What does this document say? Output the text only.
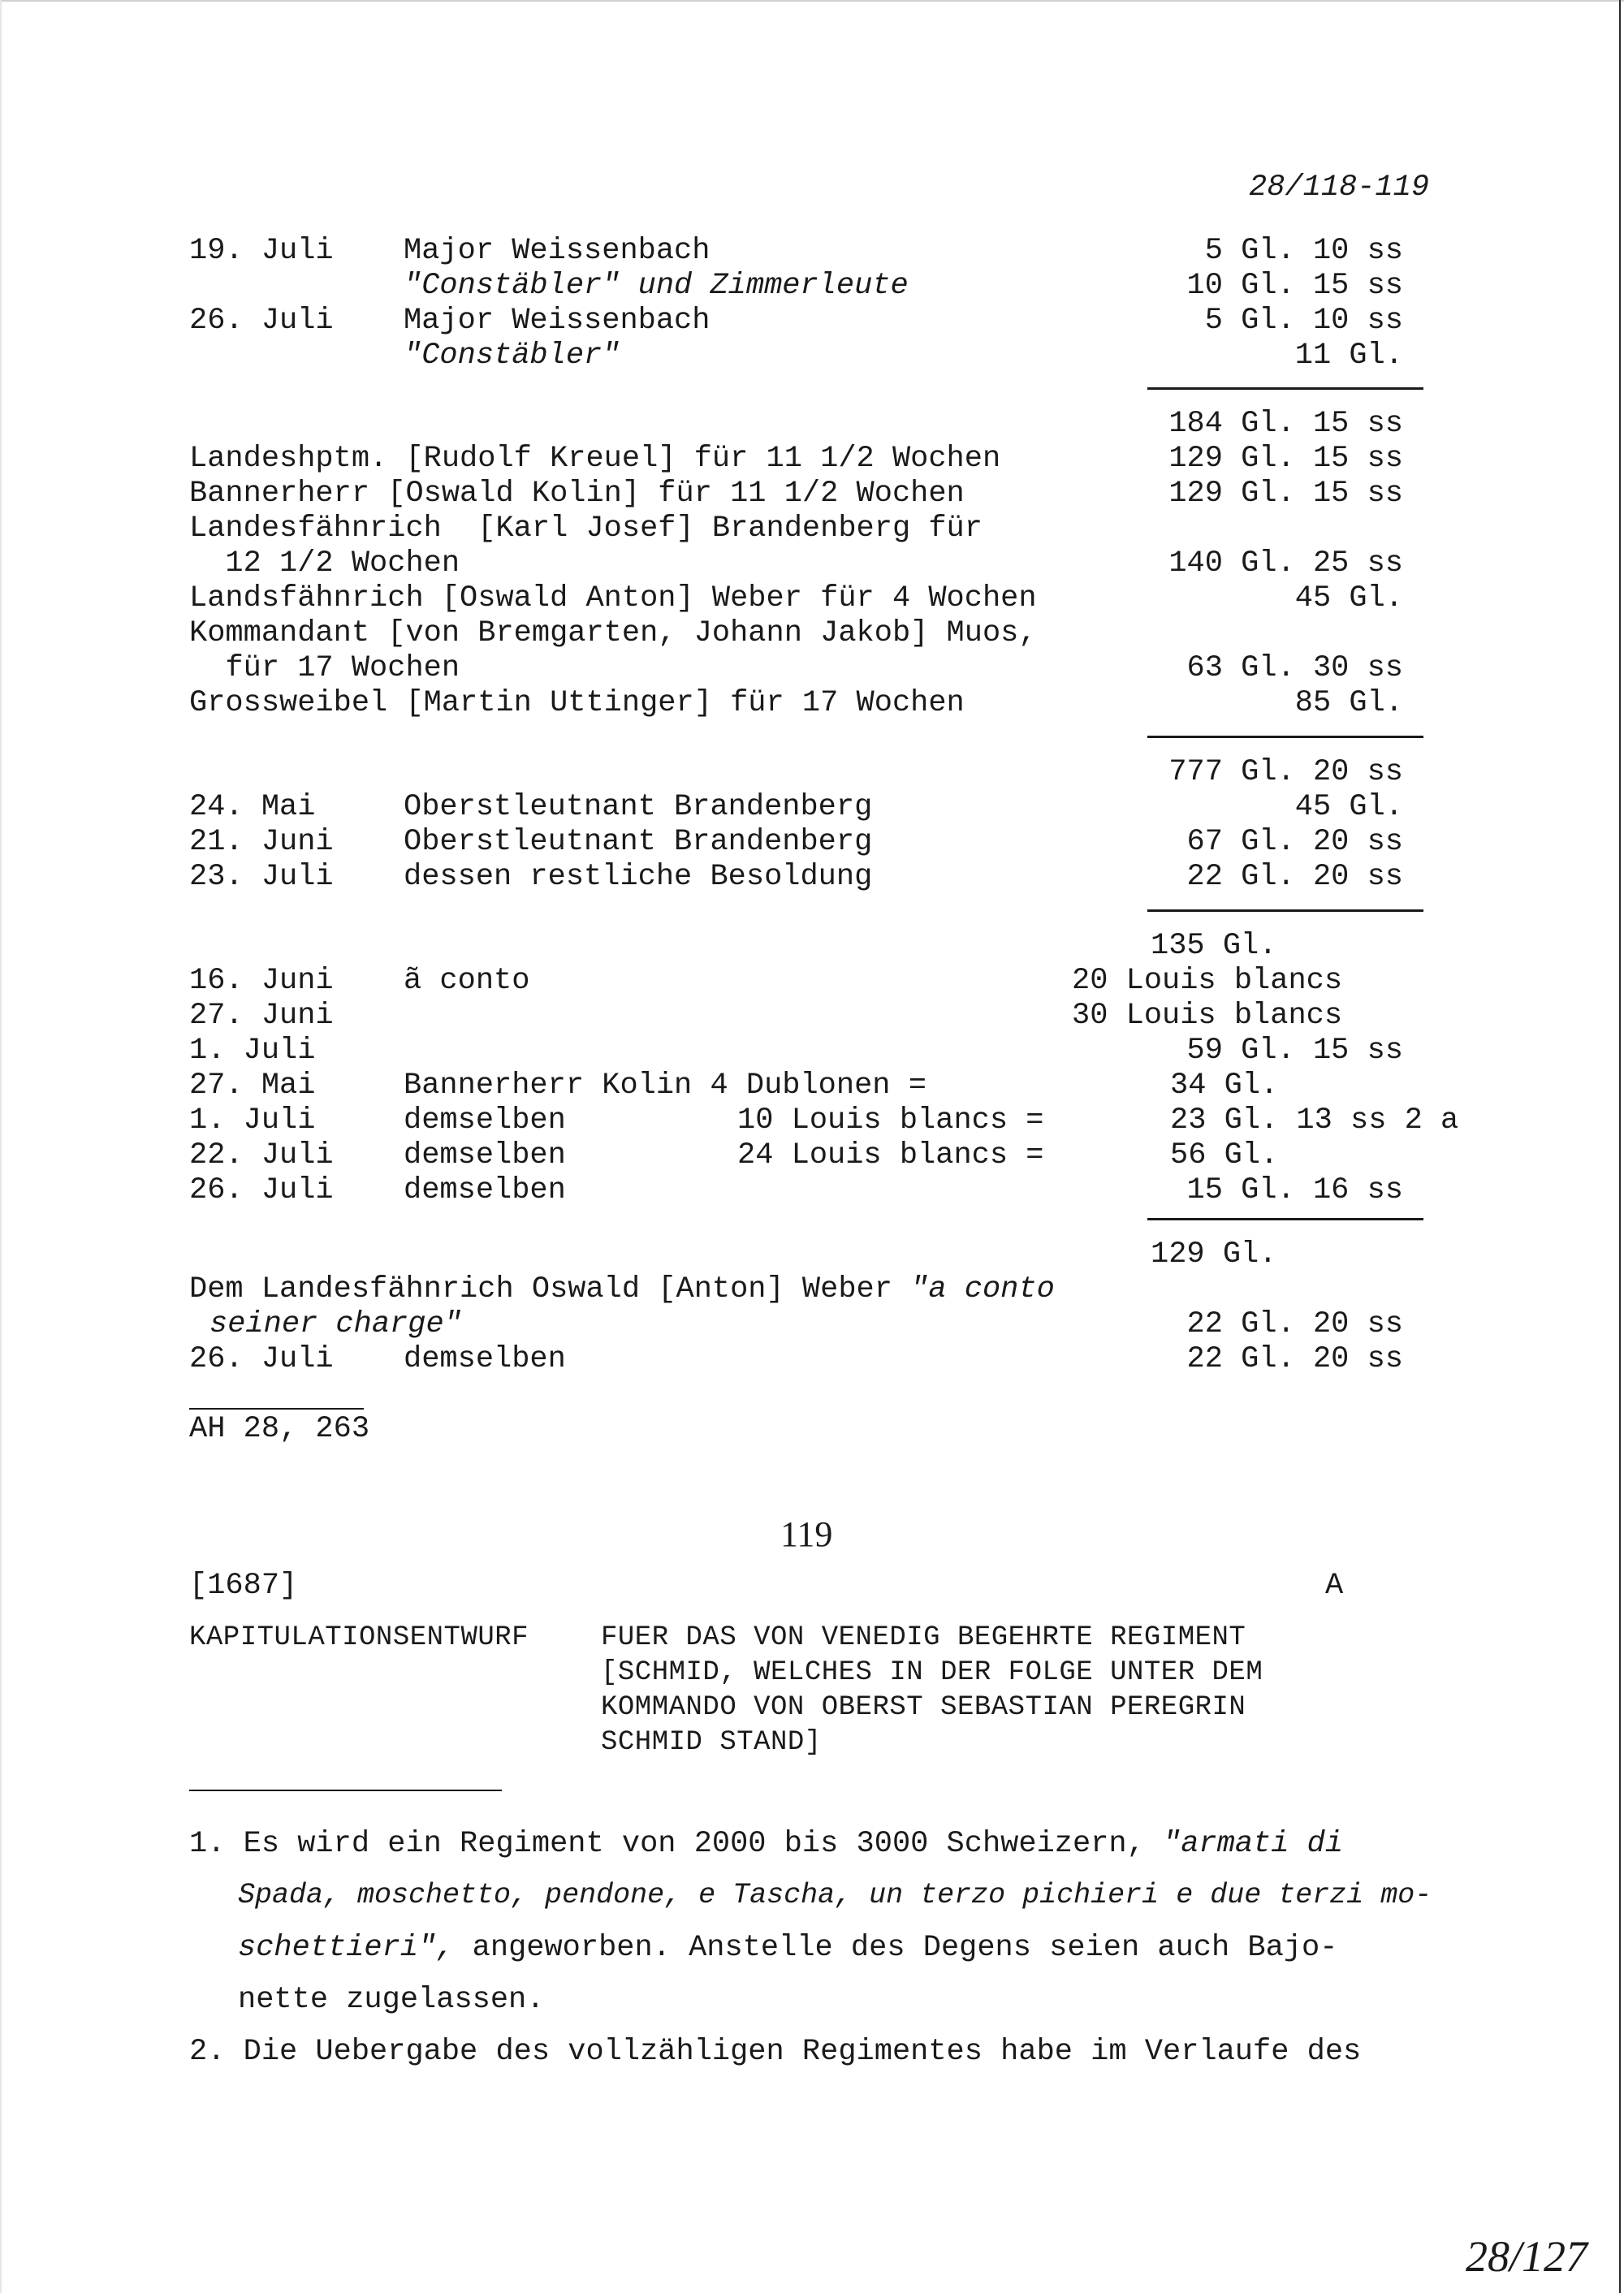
28/118-119
19. Juli Major Weissenbach	5 Gl. 10 ss
"Constäbler" und Zimmerleute	10 Gl. 15 ss
26. Juli Major Weissenbach	5 Gl. 10 ss
"Constäbler"	11 Gl.
184 Gl. 15 ss
Landeshptm. [Rudolf Kreuel] für 11 1/2 Wochen	129 Gl. 15 ss
Bannerherr [Oswald Kolin] für 11 1/2 Wochen	129 Gl. 15 ss
Landesfähnrich  [Karl Josef] Brandenberg für
12 1/2 Wochen	140 Gl. 25 ss
Landsfähnrich [Oswald Anton] Weber für 4 Wochen	45 Gl.
Kommandant [von Bremgarten, Johann Jakob] Muos,
für 17 Wochen	63 Gl. 30 ss
Grossweibel [Martin Uttinger] für 17 Wochen	85 Gl.
777 Gl. 20 ss
24. Mai	Oberstleutnant Brandenberg	45 Gl.
21. Juni Oberstleutnant Brandenberg	67 Gl. 20 ss
23. Juli dessen restliche Besoldung	22 Gl. 20 ss
135 Gl.
16. Juni ã conto	20 Louis blancs
27. Juni	30 Louis blancs
1. Juli	59 Gl. 15 ss
27. Mai	Bannerherr Kolin 4 Dublonen =	34 Gl.
1. Juli	demselben	10 Louis blancs =	23 Gl. 13 ss 2 a
22. Juli demselben	24 Louis blancs =	56 Gl.
26. Juli demselben	15 Gl. 16 ss
129 Gl.
Dem Landesfähnrich Oswald [Anton] Weber "a conto
seiner charge"	22 Gl. 20 ss
26. Juli demselben	22 Gl. 20 ss
AH 28, 263
119
[1687]	A
KAPITULATIONSENTWURF	FUER DAS VON VENEDIG BEGEHRTE REGIMENT
[SCHMID, WELCHES IN DER FOLGE UNTER DEM
KOMMANDO VON OBERST SEBASTIAN PEREGRIN
SCHMID STAND]
1. Es wird ein Regiment von 2000 bis 3000 Schweizern, "armati di
Spada, moschetto, pendone, e Tascha, un terzo pichieri e due terzi mo-
schettieri", angeworben. Anstelle des Degens seien auch Bajo-
nette zugelassen.
2. Die Uebergabe des vollzähligen Regimentes habe im Verlaufe des
28/127
